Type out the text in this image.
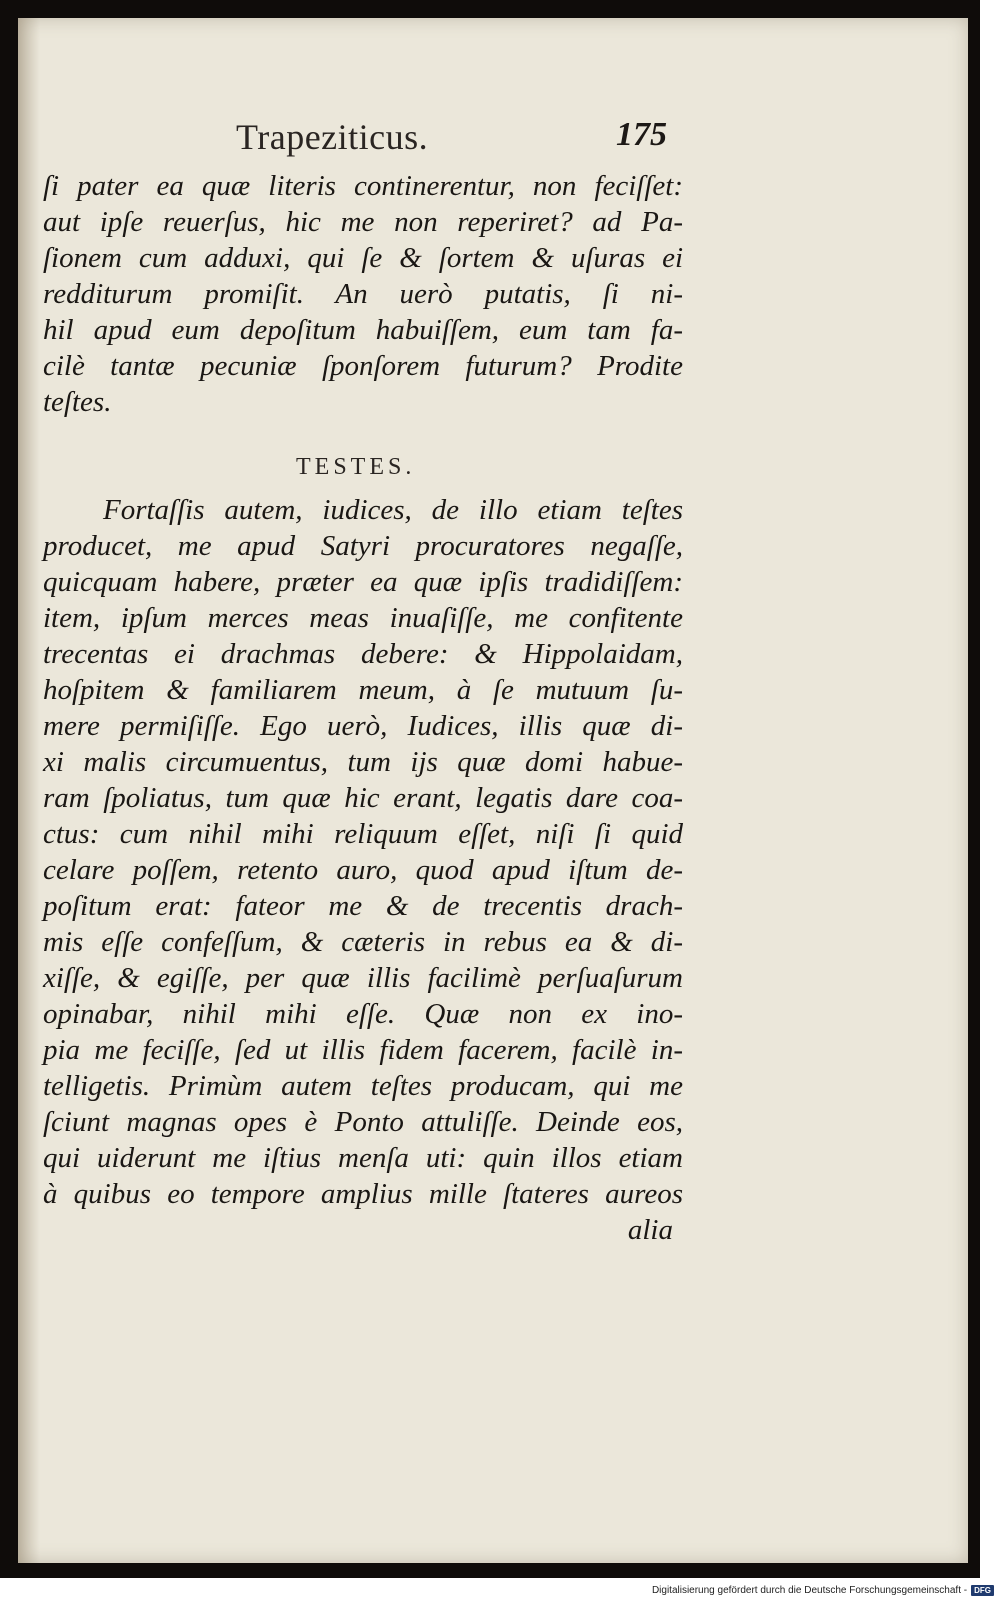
Trapeziticus.	175
ſi pater ea quæ literis continerentur, non feciſſet:
aut ipſe reuerſus, hic me non reperiret? ad Pa-
ſionem cum adduxi, qui ſe & ſortem & uſuras ei
redditurum promiſit. An uerò putatis, ſi ni-
hil apud eum depoſitum habuiſſem, eum tam fa-
cilè tantæ pecuniæ ſponſorem futurum? Prodite
teſtes.
TESTES.
Fortaſſis autem, iudices, de illo etiam teſtes
producet, me apud Satyri procuratores negaſſe,
quicquam habere, præter ea quæ ipſis tradidiſſem:
item, ipſum merces meas inuaſiſſe, me confitente
trecentas ei drachmas debere: & Hippolaidam,
hoſpitem & familiarem meum, à ſe mutuum ſu-
mere permiſiſſe. Ego uerò, Iudices, illis quæ di-
xi malis circumuentus, tum ijs quæ domi habue-
ram ſpoliatus, tum quæ hic erant, legatis dare coa-
ctus: cum nihil mihi reliquum eſſet, niſi ſi quid
celare poſſem, retento auro, quod apud iſtum de-
poſitum erat: fateor me & de trecentis drach-
mis eſſe confeſſum, & cæteris in rebus ea & di-
xiſſe, & egiſſe, per quæ illis facilimè perſuaſurum
opinabar, nihil mihi eſſe. Quæ non ex ino-
pia me feciſſe, ſed ut illis fidem facerem, facilè in-
telligetis. Primùm autem teſtes producam, qui me
ſciunt magnas opes è Ponto attuliſſe. Deinde eos,
qui uiderunt me iſtius menſa uti: quin illos etiam
à quibus eo tempore amplius mille ſtateres aureos
alia
Digitalisierung gefördert durch die Deutsche Forschungsgemeinschaft - DFG
